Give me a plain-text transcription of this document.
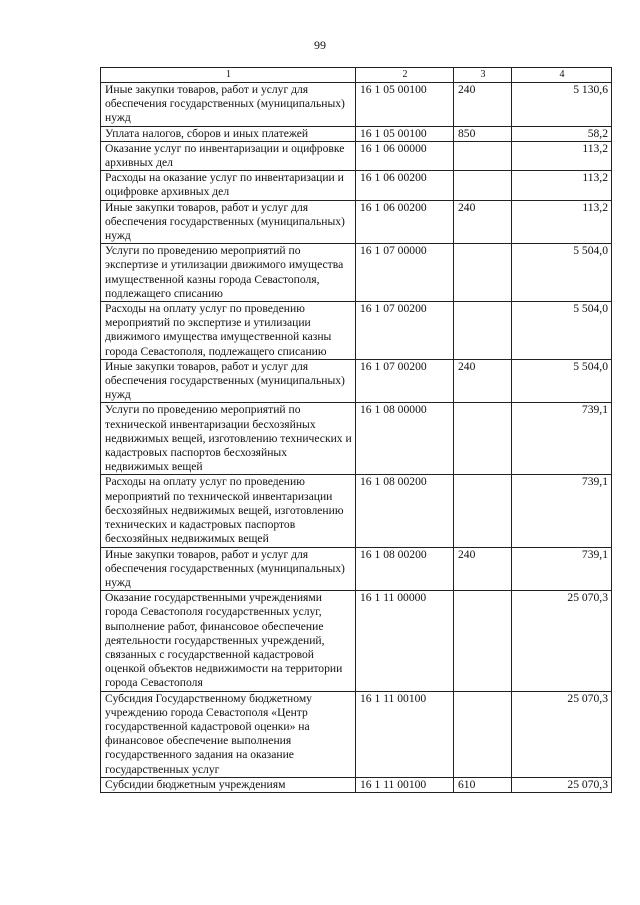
99
1	2	3	4
Иные закупки товаров, работ и услуг для обеспечения государственных (муниципальных) нужд	16 1 05 00100	240	5 130,6
Уплата налогов, сборов и иных платежей	16 1 05 00100	850	58,2
Оказание услуг по инвентаризации и оцифровке архивных дел	16 1 06 00000		113,2
Расходы на оказание услуг по инвентаризации и оцифровке архивных дел	16 1 06 00200		113,2
Иные закупки товаров, работ и услуг для обеспечения государственных (муниципальных) нужд	16 1 06 00200	240	113,2
Услуги по проведению мероприятий по экспертизе и утилизации движимого имущества имущественной казны города Севастополя, подлежащего списанию	16 1 07 00000		5 504,0
Расходы на оплату услуг по проведению мероприятий по экспертизе и утилизации движимого имущества имущественной казны города Севастополя, подлежащего списанию	16 1 07 00200		5 504,0
Иные закупки товаров, работ и услуг для обеспечения государственных (муниципальных) нужд	16 1 07 00200	240	5 504,0
Услуги по проведению мероприятий по технической инвентаризации бесхозяйных недвижимых вещей, изготовлению технических и кадастровых паспортов бесхозяйных недвижимых вещей	16 1 08 00000		739,1
Расходы на оплату услуг по проведению мероприятий по технической инвентаризации бесхозяйных недвижимых вещей, изготовлению технических и кадастровых паспортов бесхозяйных недвижимых вещей	16 1 08 00200		739,1
Иные закупки товаров, работ и услуг для обеспечения государственных (муниципальных) нужд	16 1 08 00200	240	739,1
Оказание государственными учреждениями города Севастополя государственных услуг, выполнение работ, финансовое обеспечение деятельности государственных учреждений, связанных с государственной кадастровой оценкой объектов недвижимости на территории города Севастополя	16 1 11 00000		25 070,3
Субсидия Государственному бюджетному учреждению города Севастополя «Центр государственной кадастровой оценки» на финансовое обеспечение выполнения государственного задания на оказание государственных услуг	16 1 11 00100		25 070,3
Субсидии бюджетным учреждениям	16 1 11 00100	610	25 070,3
